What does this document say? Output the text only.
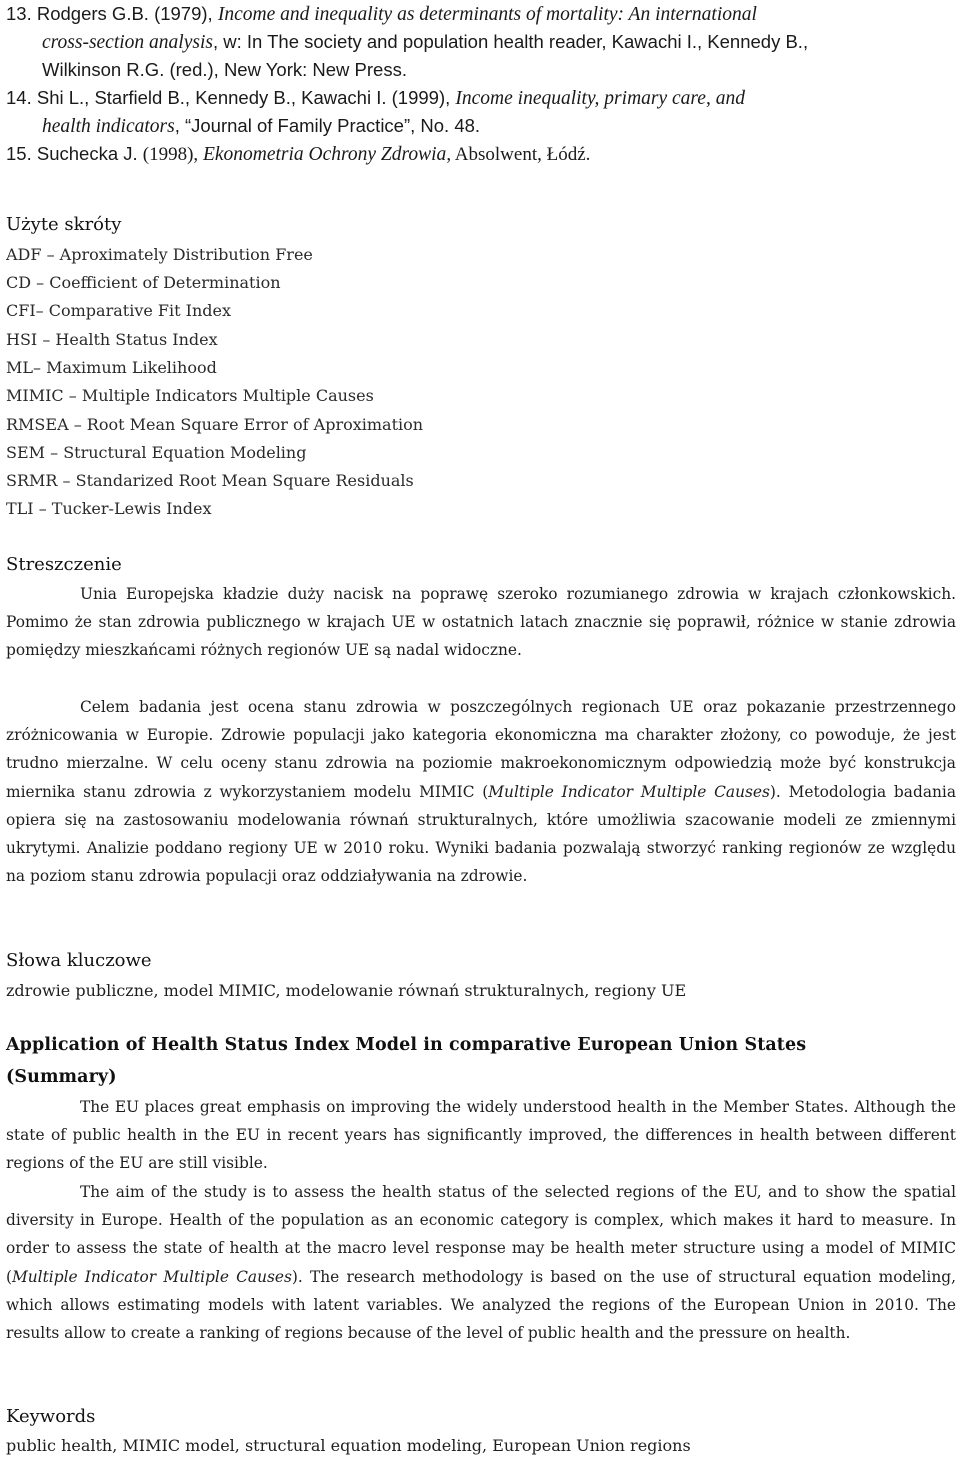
13. Rodgers G.B. (1979), Income and inequality as determinants of mortality: An international
cross-section analysis, w: In The society and population health reader, Kawachi I., Kennedy B.,
Wilkinson R.G. (red.), New York: New Press.
14. Shi L., Starfield B., Kennedy B., Kawachi I. (1999), Income inequality, primary care, and
health indicators, “Journal of Family Practice”, No. 48.
15. Suchecka J. (1998), Ekonometria Ochrony Zdrowia, Absolwent, Łódź.
Użyte skróty
ADF – Aproximately Distribution Free
CD – Coefficient of Determination
CFI– Comparative Fit Index
HSI – Health Status Index
ML– Maximum Likelihood
MIMIC – Multiple Indicators Multiple Causes
RMSEA – Root Mean Square Error of Aproximation
SEM – Structural Equation Modeling
SRMR – Standarized Root Mean Square Residuals
TLI – Tucker-Lewis Index
Streszczenie
Unia Europejska kładzie duży nacisk na poprawę szeroko rozumianego zdrowia w krajach członkowskich. Pomimo że stan zdrowia publicznego w krajach UE w ostatnich latach znacznie się poprawił, różnice w stanie zdrowia pomiędzy mieszkańcami różnych regionów UE są nadal widoczne.
Celem badania jest ocena stanu zdrowia w poszczególnych regionach UE oraz pokazanie przestrzennego zróżnicowania w Europie. Zdrowie populacji jako kategoria ekonomiczna ma charakter złożony, co powoduje, że jest trudno mierzalne. W celu oceny stanu zdrowia na poziomie makroekonomicznym odpowiedzią może być konstrukcja miernika stanu zdrowia z wykorzystaniem modelu MIMIC (Multiple Indicator Multiple Causes). Metodologia badania opiera się na zastosowaniu modelowania równań strukturalnych, które umożliwia szacowanie modeli ze zmiennymi ukrytymi. Analizie poddano regiony UE w 2010 roku. Wyniki badania pozwalają stworzyć ranking regionów ze względu na poziom stanu zdrowia populacji oraz oddziaływania na zdrowie.
Słowa kluczowe
zdrowie publiczne, model MIMIC, modelowanie równań strukturalnych, regiony UE
Application of Health Status Index Model in comparative European Union States
(Summary)
The EU places great emphasis on improving the widely understood health in the Member States. Although the state of public health in the EU in recent years has significantly improved, the differences in health between different regions of the EU are still visible.
The aim of the study is to assess the health status of the selected regions of the EU, and to show the spatial diversity in Europe. Health of the population as an economic category is complex, which makes it hard to measure. In order to assess the state of health at the macro level response may be health meter structure using a model of MIMIC (Multiple Indicator Multiple Causes). The research methodology is based on the use of structural equation modeling, which allows estimating models with latent variables. We analyzed the regions of the European Union in 2010. The results allow to create a ranking of regions because of the level of public health and the pressure on health.
Keywords
public health, MIMIC model, structural equation modeling, European Union regions
